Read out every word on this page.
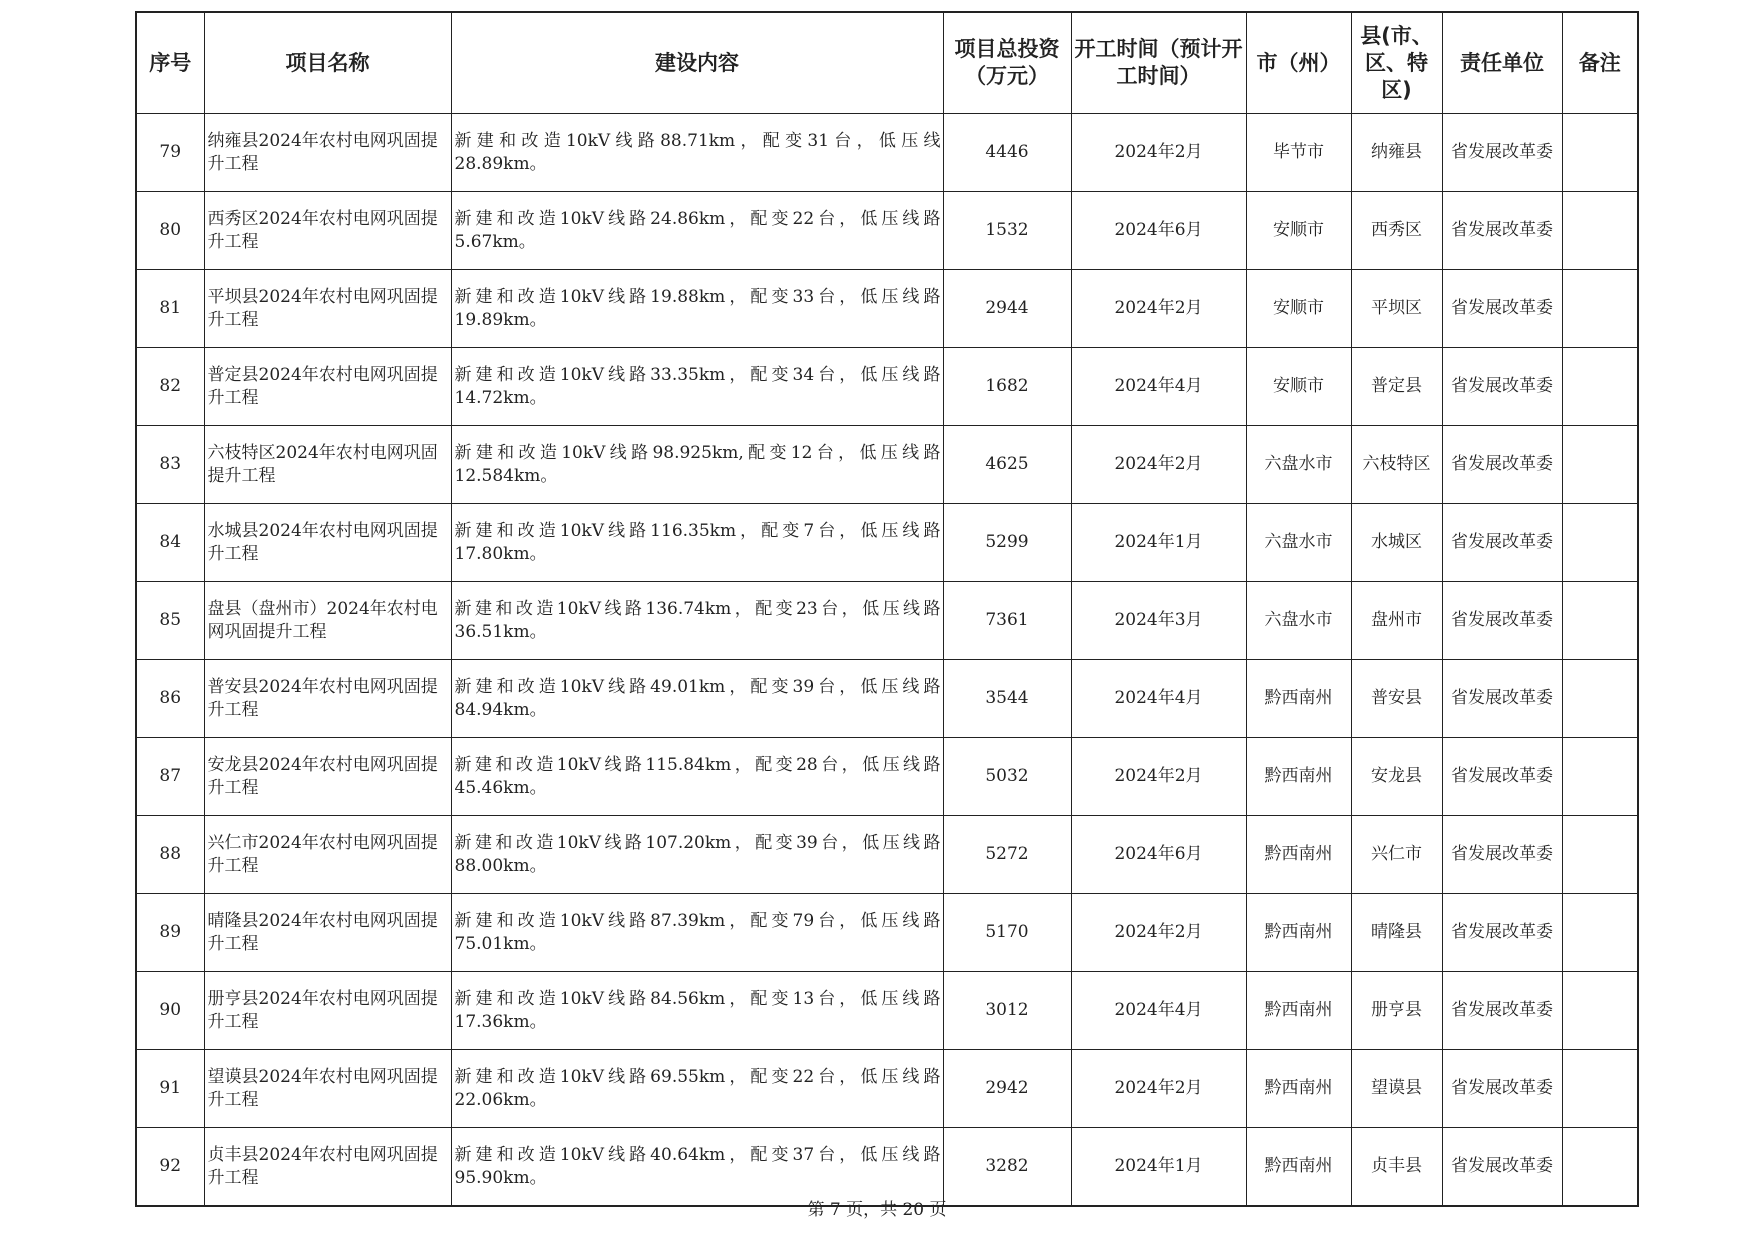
序号	项目名称	建设内容	项目总投资（万元）	开工时间（预计开工时间）	市（州）	县(市、区、特区)	责任单位	备注
79	纳雍县2024年农村电网巩固提升工程	新建和改造10kV线路88.71km，配变31台，低压线28.89km。	4446	2024年2月	毕节市	纳雍县	省发展改革委	
80	西秀区2024年农村电网巩固提升工程	新建和改造10kV线路24.86km，配变22台，低压线路5.67km。	1532	2024年6月	安顺市	西秀区	省发展改革委	
81	平坝县2024年农村电网巩固提升工程	新建和改造10kV线路19.88km，配变33台，低压线路19.89km。	2944	2024年2月	安顺市	平坝区	省发展改革委	
82	普定县2024年农村电网巩固提升工程	新建和改造10kV线路33.35km，配变34台，低压线路14.72km。	1682	2024年4月	安顺市	普定县	省发展改革委	
83	六枝特区2024年农村电网巩固提升工程	新建和改造10kV线路98.925km,配变12台，低压线路12.584km。	4625	2024年2月	六盘水市	六枝特区	省发展改革委	
84	水城县2024年农村电网巩固提升工程	新建和改造10kV线路116.35km，配变7台，低压线路17.80km。	5299	2024年1月	六盘水市	水城区	省发展改革委	
85	盘县（盘州市）2024年农村电网巩固提升工程	新建和改造10kV线路136.74km，配变23台，低压线路36.51km。	7361	2024年3月	六盘水市	盘州市	省发展改革委	
86	普安县2024年农村电网巩固提升工程	新建和改造10kV线路49.01km，配变39台，低压线路84.94km。	3544	2024年4月	黔西南州	普安县	省发展改革委	
87	安龙县2024年农村电网巩固提升工程	新建和改造10kV线路115.84km，配变28台，低压线路45.46km。	5032	2024年2月	黔西南州	安龙县	省发展改革委	
88	兴仁市2024年农村电网巩固提升工程	新建和改造10kV线路107.20km，配变39台，低压线路88.00km。	5272	2024年6月	黔西南州	兴仁市	省发展改革委	
89	晴隆县2024年农村电网巩固提升工程	新建和改造10kV线路87.39km，配变79台，低压线路75.01km。	5170	2024年2月	黔西南州	晴隆县	省发展改革委	
90	册亨县2024年农村电网巩固提升工程	新建和改造10kV线路84.56km，配变13台，低压线路17.36km。	3012	2024年4月	黔西南州	册亨县	省发展改革委	
91	望谟县2024年农村电网巩固提升工程	新建和改造10kV线路69.55km，配变22台，低压线路22.06km。	2942	2024年2月	黔西南州	望谟县	省发展改革委	
92	贞丰县2024年农村电网巩固提升工程	新建和改造10kV线路40.64km，配变37台，低压线路95.90km。	3282	2024年1月	黔西南州	贞丰县	省发展改革委	
第 7 页，共 20 页
